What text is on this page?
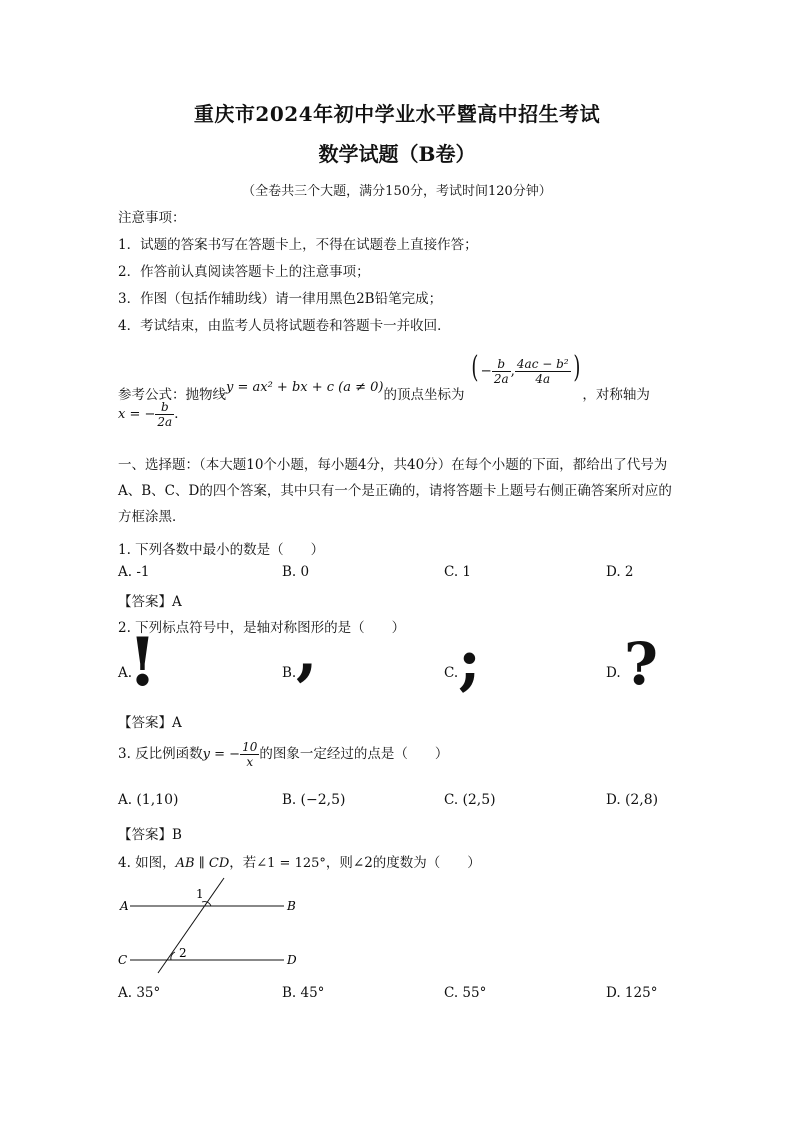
重庆市2024年初中学业水平暨高中招生考试
数学试题（B卷）
（全卷共三个大题，满分150分，考试时间120分钟）
注意事项：
1．试题的答案书写在答题卡上，不得在试题卷上直接作答；
2．作答前认真阅读答题卡上的注意事项；
3．作图（包括作辅助线）请一律用黑色2B铅笔完成；
4．考试结束，由监考人员将试题卷和答题卡一并收回．
参考公式：抛物线y = ax² + bx + c (a ≠ 0)的顶点坐标为 ( − $\frac{b}{2a}$ , $\frac{\text{4ac − b²}}{4a}$ )，对称轴为
x = − $\frac{b}{2a}$ ．
一、选择题：（本大题10个小题，每小题4分，共40分）在每个小题的下面，都给出了代号为A、B、C、D的四个答案，其中只有一个是正确的，请将答题卡上题号右侧正确答案所对应的方框涂黑．
1. 下列各数中最小的数是（　　）
A. -1	B. 0	C. 1	D. 2
【答案】A
2. 下列标点符号中，是轴对称图形的是（　　）
A.
!	B. ,	C. ;	D. ?
【答案】A
3. 反比例函数y = − $\frac{10}{x}$ 的图象一定经过的点是（　　）
A. (1,10)	B. (−2,5)	C. (2,5)	D. (2,8)
【答案】B
4. 如图，AB ∥ CD，若∠1 = 125°，则∠2的度数为（　　）
A	B
C	D
1
2
A. 35°	B. 45°	C. 55°	D. 125°
